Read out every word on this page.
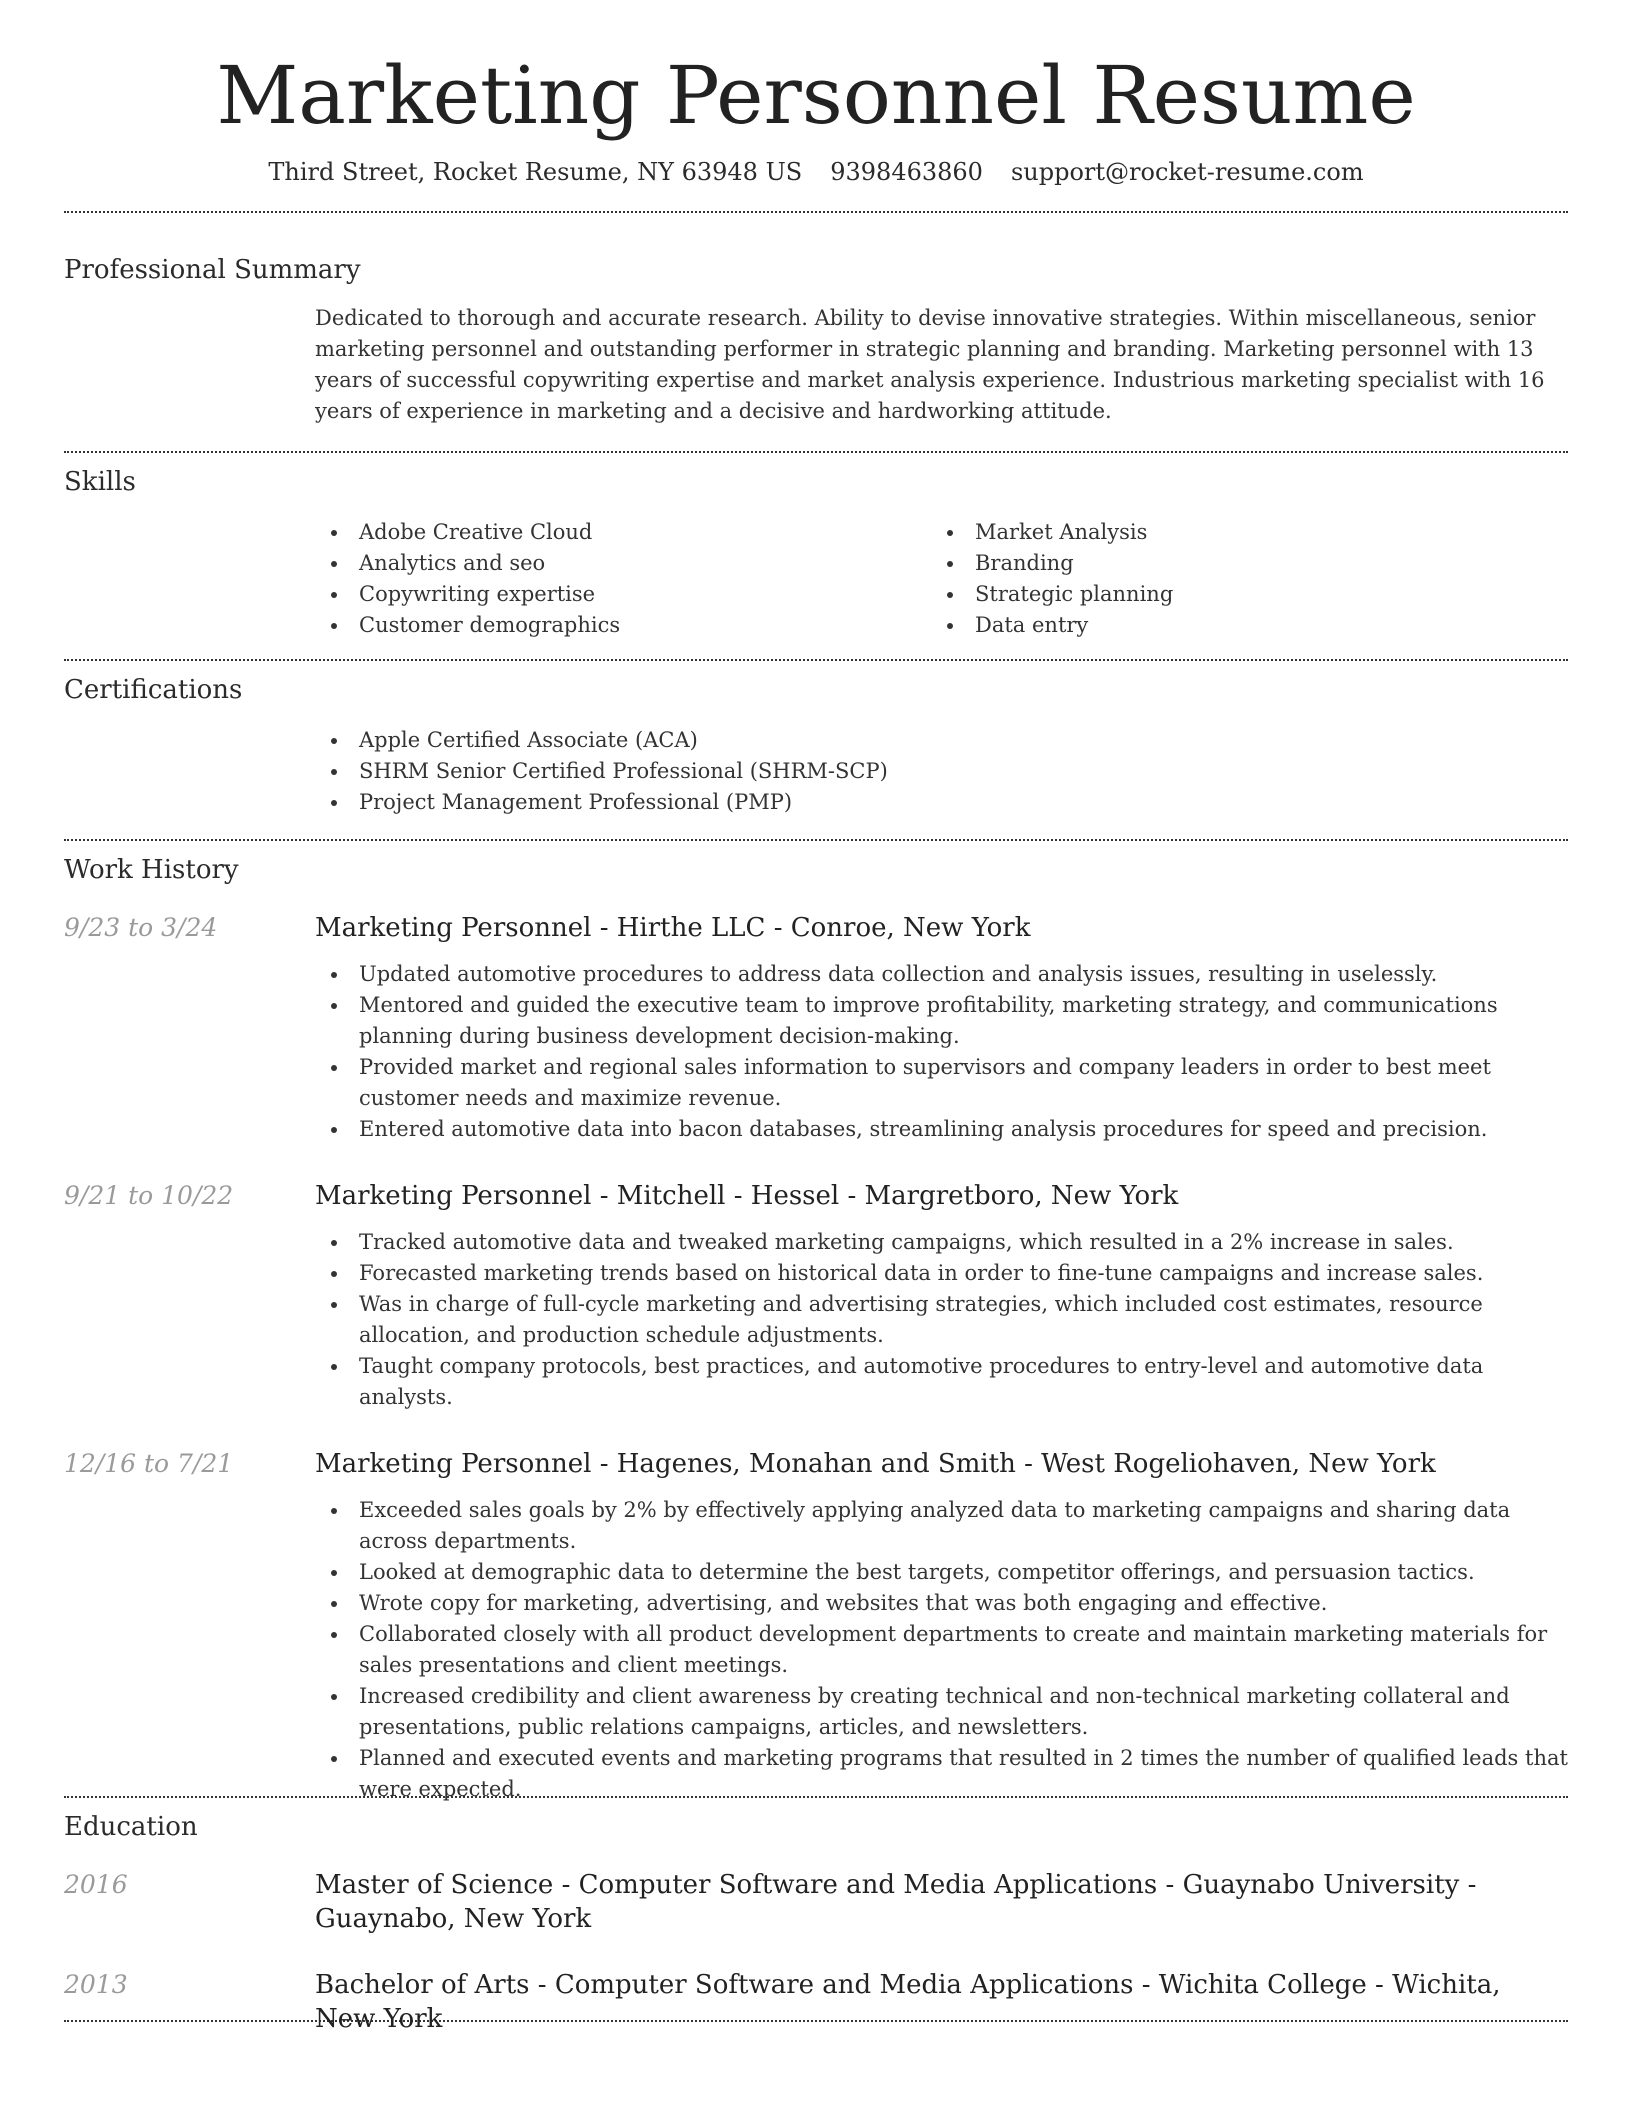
Marketing Personnel Resume
Third Street, Rocket Resume, NY 63948 US 9398463860 support@rocket-resume.com
Professional Summary
Dedicated to thorough and accurate research. Ability to devise innovative strategies. Within miscellaneous, senior marketing personnel and outstanding performer in strategic planning and branding. Marketing personnel with 13 years of successful copywriting expertise and market analysis experience. Industrious marketing specialist with 16 years of experience in marketing and a decisive and hardworking attitude.
Skills
Adobe Creative Cloud
Analytics and seo
Copywriting expertise
Customer demographics
Market Analysis
Branding
Strategic planning
Data entry
Certifications
Apple Certified Associate (ACA)
SHRM Senior Certified Professional (SHRM-SCP)
Project Management Professional (PMP)
Work History
9/23 to 3/24	Marketing Personnel - Hirthe LLC - Conroe, New York
Updated automotive procedures to address data collection and analysis issues, resulting in uselessly.
Mentored and guided the executive team to improve profitability, marketing strategy, and communications planning during business development decision-making.
Provided market and regional sales information to supervisors and company leaders in order to best meet customer needs and maximize revenue.
Entered automotive data into bacon databases, streamlining analysis procedures for speed and precision.
9/21 to 10/22	Marketing Personnel - Mitchell - Hessel - Margretboro, New York
Tracked automotive data and tweaked marketing campaigns, which resulted in a 2% increase in sales.
Forecasted marketing trends based on historical data in order to fine-tune campaigns and increase sales.
Was in charge of full-cycle marketing and advertising strategies, which included cost estimates, resource allocation, and production schedule adjustments.
Taught company protocols, best practices, and automotive procedures to entry-level and automotive data analysts.
12/16 to 7/21	Marketing Personnel - Hagenes, Monahan and Smith - West Rogeliohaven, New York
Exceeded sales goals by 2% by effectively applying analyzed data to marketing campaigns and sharing data across departments.
Looked at demographic data to determine the best targets, competitor offerings, and persuasion tactics.
Wrote copy for marketing, advertising, and websites that was both engaging and effective.
Collaborated closely with all product development departments to create and maintain marketing materials for sales presentations and client meetings.
Increased credibility and client awareness by creating technical and non-technical marketing collateral and presentations, public relations campaigns, articles, and newsletters.
Planned and executed events and marketing programs that resulted in 2 times the number of qualified leads that were expected.
Education
2016	Master of Science - Computer Software and Media Applications - Guaynabo University - Guaynabo, New York
2013	Bachelor of Arts - Computer Software and Media Applications - Wichita College - Wichita, New York
